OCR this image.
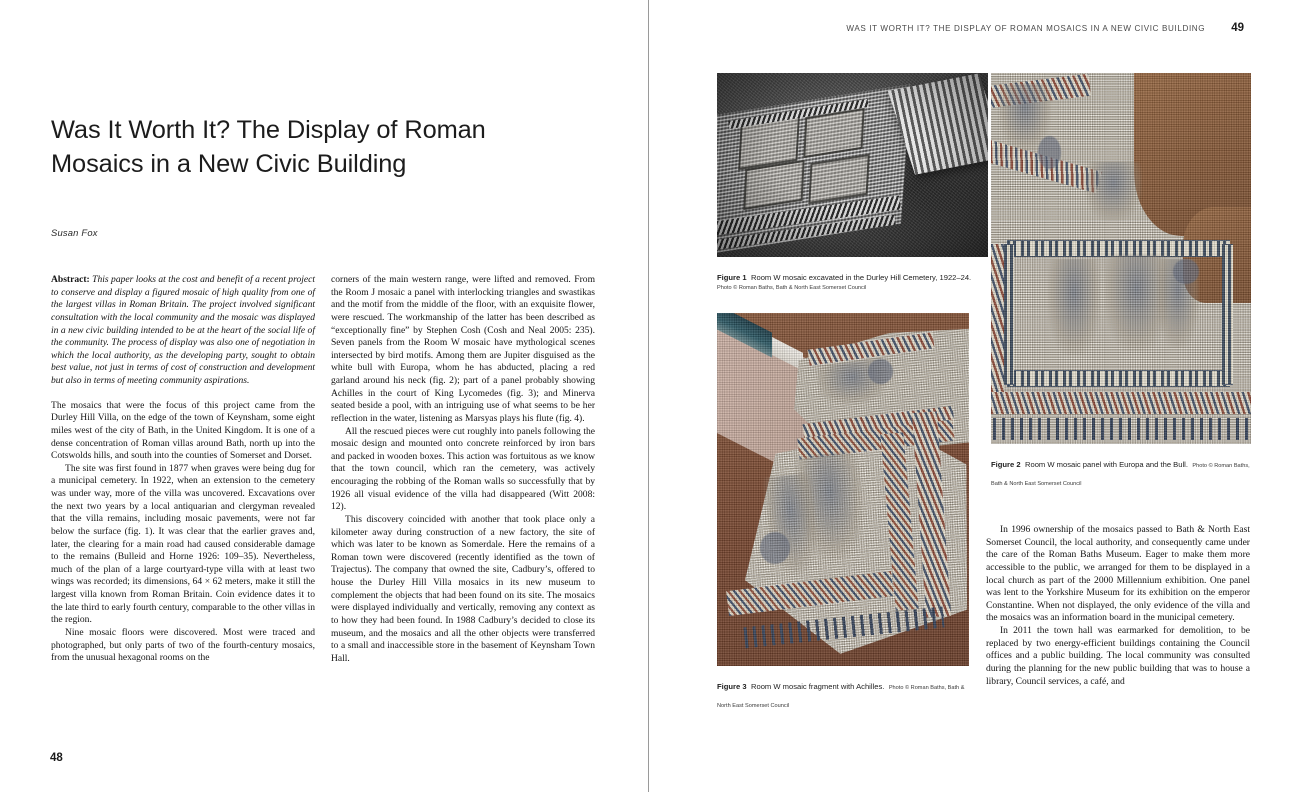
Was It Worth It? The Display of Roman Mosaics in a New Civic Building
Susan Fox

Abstract: This paper looks at the cost and benefit of a recent project to conserve and display a figured mosaic of high quality from one of the largest villas in Roman Britain. The project involved significant consultation with the local community and the mosaic was displayed in a new civic building intended to be at the heart of the social life of the community. The process of display was also one of negotiation in which the local authority, as the developing party, sought to obtain best value, not just in terms of cost of construction and development but also in terms of meeting community aspirations.

The mosaics that were the focus of this project came from the Durley Hill Villa, on the edge of the town of Keynsham, some eight miles west of the city of Bath, in the United Kingdom. It is one of a dense concentration of Roman villas around Bath, north up into the Cotswolds hills, and south into the counties of Somerset and Dorset.

The site was first found in 1877 when graves were being dug for a municipal cemetery. In 1922, when an extension to the cemetery was under way, more of the villa was uncovered. Excavations over the next two years by a local antiquarian and clergyman revealed that the villa remains, including mosaic pavements, were not far below the surface (fig. 1). It was clear that the earlier graves and, later, the clearing for a main road had caused considerable damage to the remains (Bulleid and Horne 1926: 109–35). Nevertheless, much of the plan of a large courtyard-type villa with at least two wings was recorded; its dimensions, 64 × 62 meters, make it still the largest villa known from Roman Britain. Coin evidence dates it to the late third to early fourth century, comparable to the other villas in the region.

Nine mosaic floors were discovered. Most were traced and photographed, but only parts of two of the fourth-century mosaics, from the unusual hexagonal rooms on the

corners of the main western range, were lifted and removed. From the Room J mosaic a panel with interlocking triangles and swastikas and the motif from the middle of the floor, with an exquisite flower, were rescued. The workmanship of the latter has been described as “exceptionally fine” by Stephen Cosh (Cosh and Neal 2005: 235). Seven panels from the Room W mosaic have mythological scenes intersected by bird motifs. Among them are Jupiter disguised as the white bull with Europa, whom he has abducted, placing a red garland around his neck (fig. 2); part of a panel probably showing Achilles in the court of King Lycomedes (fig. 3); and Minerva seated beside a pool, with an intriguing use of what seems to be her reflection in the water, listening as Marsyas plays his flute (fig. 4).

All the rescued pieces were cut roughly into panels following the mosaic design and mounted onto concrete reinforced by iron bars and packed in wooden boxes. This action was fortuitous as we know that the town council, which ran the cemetery, was actively encouraging the robbing of the Roman walls so successfully that by 1926 all visual evidence of the villa had disappeared (Witt 2008: 12).

This discovery coincided with another that took place only a kilometer away during construction of a new factory, the site of which was later to be known as Somerdale. Here the remains of a Roman town were discovered (recently identified as the town of Trajectus). The company that owned the site, Cadbury’s, offered to house the Durley Hill Villa mosaics in its new museum to complement the objects that had been found on its site. The mosaics were displayed individually and vertically, removing any context as to how they had been found. In 1988 Cadbury’s decided to close its museum, and the mosaics and all the other objects were transferred to a small and inaccessible store in the basement of Keynsham Town Hall.

48
WAS IT WORTH IT? THE DISPLAY OF ROMAN MOSAICS IN A NEW CIVIC BUILDING 49
Figure 1 Room W mosaic excavated in the Durley Hill Cemetery, 1922–24.
Photo © Roman Baths, Bath & North East Somerset Council
Figure 2 Room W mosaic panel with Europa and the Bull. Photo © Roman Baths, Bath & North East Somerset Council
Figure 3 Room W mosaic fragment with Achilles. Photo © Roman Baths, Bath & North East Somerset Council

In 1996 ownership of the mosaics passed to Bath & North East Somerset Council, the local authority, and consequently came under the care of the Roman Baths Museum. Eager to make them more accessible to the public, we arranged for them to be displayed in a local church as part of the 2000 Millennium exhibition. One panel was lent to the Yorkshire Museum for its exhibition on the emperor Constantine. When not displayed, the only evidence of the villa and the mosaics was an information board in the municipal cemetery.

In 2011 the town hall was earmarked for demolition, to be replaced by two energy-efficient buildings containing the Council offices and a public building. The local community was consulted during the planning for the new public building that was to house a library, Council services, a café, and
